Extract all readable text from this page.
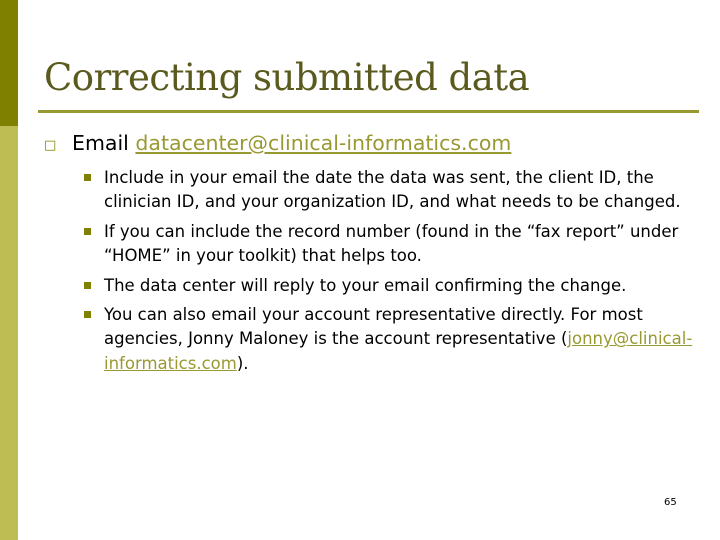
Correcting submitted data
□ Email datacenter@clinical-informatics.com
Include in your email the date the data was sent, the client ID, the clinician ID, and your organization ID, and what needs to be changed.
If you can include the record number (found in the “fax report” under “HOME” in your toolkit) that helps too.
The data center will reply to your email confirming the change.
You can also email your account representative directly. For most agencies, Jonny Maloney is the account representative (jonny@clinical-informatics.com).
65
